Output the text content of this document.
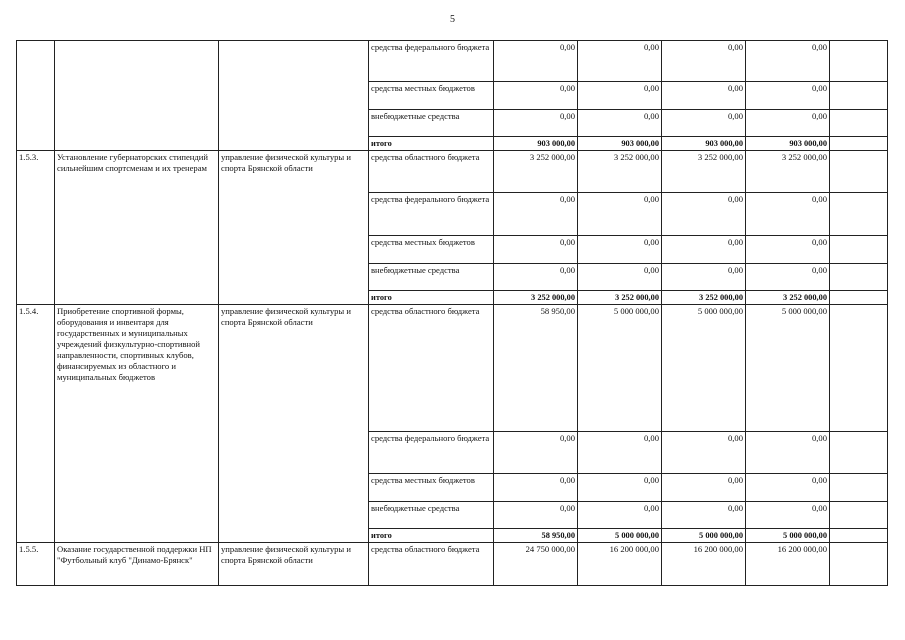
5
			средства федерального бюджета	0,00	0,00	0,00	0,00	
			средства местных бюджетов	0,00	0,00	0,00	0,00	
			внебюджетные средства	0,00	0,00	0,00	0,00	
			итого	903 000,00	903 000,00	903 000,00	903 000,00	
1.5.3.	Установление губернаторских стипендий сильнейшим спортсменам и их тренерам	управление физической культуры и спорта Брянской области	средства областного бюджета	3 252 000,00	3 252 000,00	3 252 000,00	3 252 000,00	
			средства федерального бюджета	0,00	0,00	0,00	0,00	
			средства местных бюджетов	0,00	0,00	0,00	0,00	
			внебюджетные средства	0,00	0,00	0,00	0,00	
			итого	3 252 000,00	3 252 000,00	3 252 000,00	3 252 000,00	
1.5.4.	Приобретение спортивной формы, оборудования и инвентаря для государственных и муниципальных учреждений физкультурно-спортивной направленности, спортивных клубов, финансируемых из областного и муниципальных бюджетов	управление физической культуры и спорта Брянской области	средства областного бюджета	58 950,00	5 000 000,00	5 000 000,00	5 000 000,00	
			средства федерального бюджета	0,00	0,00	0,00	0,00	
			средства местных бюджетов	0,00	0,00	0,00	0,00	
			внебюджетные средства	0,00	0,00	0,00	0,00	
			итого	58 950,00	5 000 000,00	5 000 000,00	5 000 000,00	
1.5.5.	Оказание государственной поддержки НП "Футбольный клуб "Динамо-Брянск"	управление физической культуры и спорта Брянской области	средства областного бюджета	24 750 000,00	16 200 000,00	16 200 000,00	16 200 000,00	
